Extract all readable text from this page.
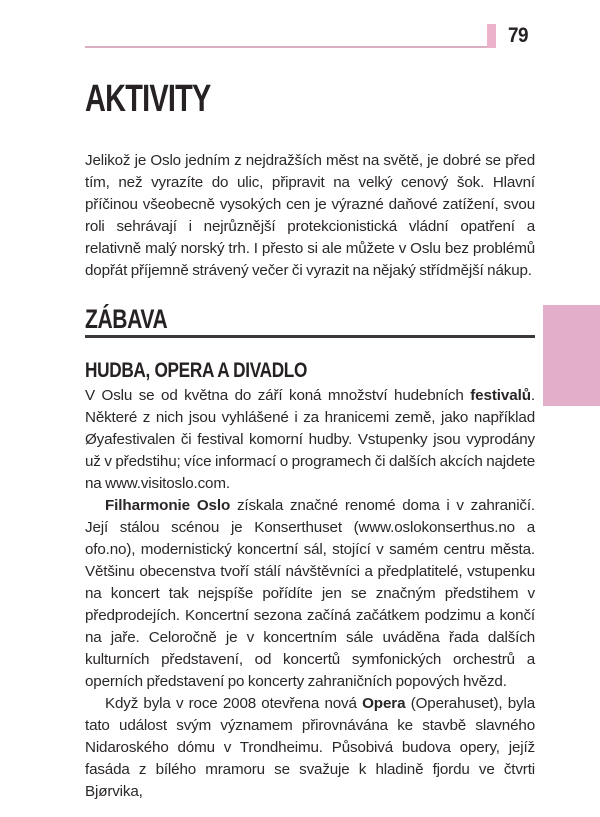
79
AKTIVITY

Jelikož je Oslo jedním z nejdražších měst na světě, je dobré se před tím, než vyrazíte do ulic, připravit na velký cenový šok. Hlavní příčinou všeobecně vysokých cen je výrazné daňové zatížení, svou roli sehrávají i nejrůznější protekcionistická vládní opatření a relativně malý norský trh. I přesto si ale můžete v Oslu bez problémů dopřát příjemně strávený večer či vyrazit na nějaký střídmější nákup.

ZÁBAVA
HUDBA, OPERA A DIVADLO

V Oslu se od května do září koná množství hudebních festivalů. Některé z nich jsou vyhlášené i za hranicemi země, jako například Øyafestivalen či festival komorní hudby. Vstupenky jsou vyprodány už v předstihu; více informací o programech či dalších akcích najdete na www.visitoslo.com.

Filharmonie Oslo získala značné renomé doma i v zahraničí. Její stálou scénou je Konserthuset (www.oslokonserthus.no a ofo.no), modernistický koncertní sál, stojící v samém centru města. Většinu obecenstva tvoří stálí návštěvníci a předplatitelé, vstupenku na koncert tak nejspíše pořídíte jen se značným předstihem v předprodejích. Koncertní sezona začíná začátkem podzimu a končí na jaře. Celoročně je v koncertním sále uváděna řada dalších kulturních představení, od koncertů symfonických orchestrů a operních představení po koncerty zahraničních popových hvězd.

Když byla v roce 2008 otevřena nová Opera (Operahuset), byla tato událost svým významem přirovnávána ke stavbě slavného Nidaroského dómu v Trondheimu. Působivá budova opery, jejíž fasáda z bílého mramoru se svažuje k hladině fjordu ve čtvrti Bjørvika,
